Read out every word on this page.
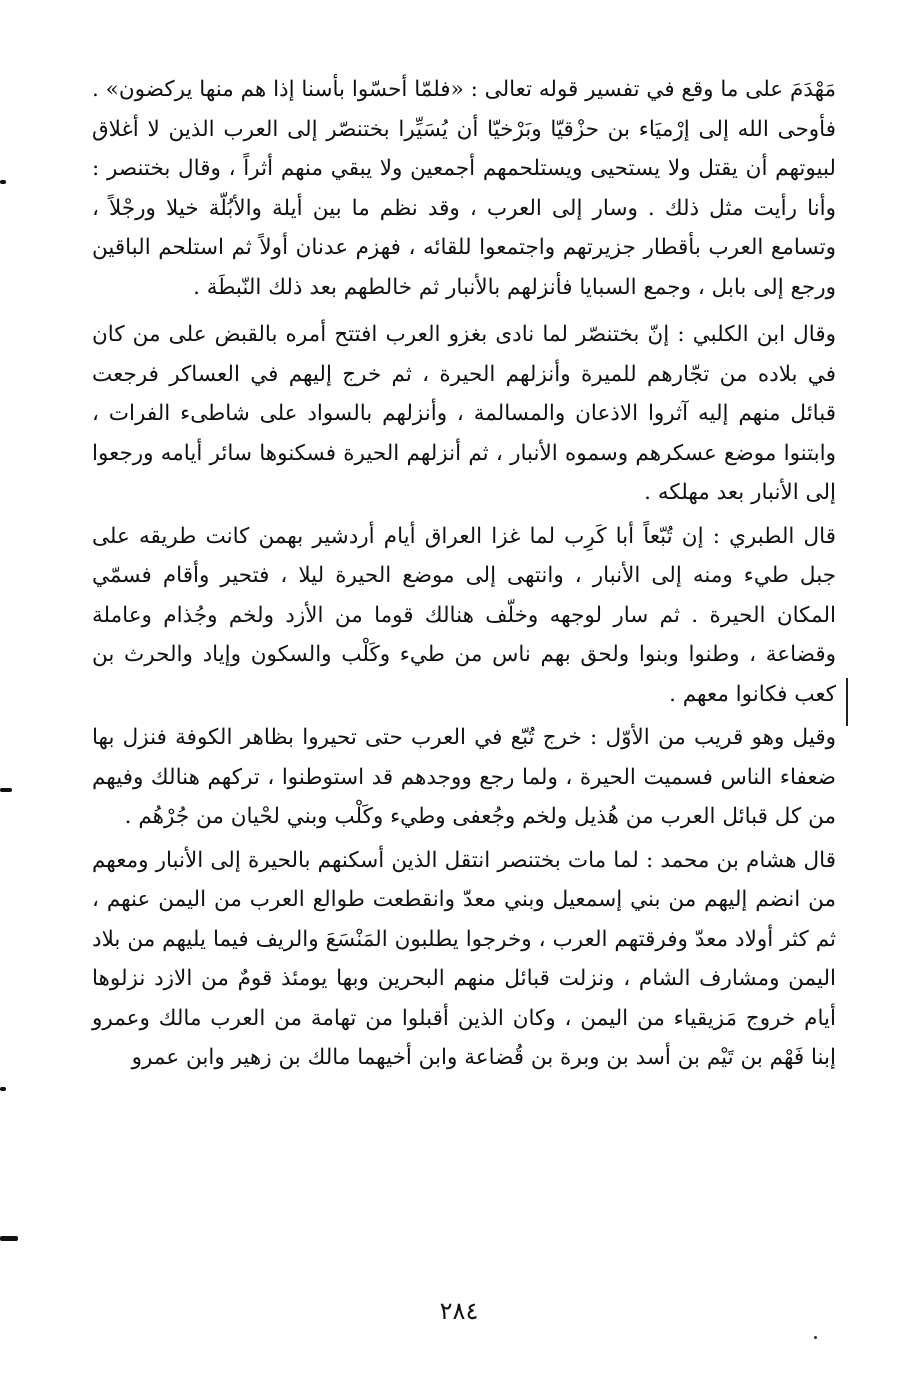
مَهْدَمَ على ما وقع في تفسير قوله تعالى : «فلمّا أحسّوا بأسنا إذا هم منها يركضون» . فأوحى الله إلى إرْميَاء بن حزْقيّا وبَرْخيّا أن يُسَيِّرا بختنصّر إلى العرب الذين لا أغلاق لبيوتهم أن يقتل ولا يستحيى ويستلحمهم أجمعين ولا يبقي منهم أثراً ، وقال بختنصر : وأنا رأيت مثل ذلك . وسار إلى العرب ، وقد نظم ما بين أيلة والأبُلّة خيلا ورجْلاً ، وتسامع العرب بأقطار جزيرتهم واجتمعوا للقائه ، فهزم عدنان أولاً ثم استلحم الباقين ورجع إلى بابل ، وجمع السبايا فأنزلهم بالأنبار ثم خالطهم بعد ذلك النّبطَة .

وقال ابن الكلبي : إنّ بختنصّر لما نادى بغزو العرب افتتح أمره بالقبض على من كان في بلاده من تجّارهم للميرة وأنزلهم الحيرة ، ثم خرج إليهم في العساكر فرجعت قبائل منهم إليه آثروا الاذعان والمسالمة ، وأنزلهم بالسواد على شاطىء الفرات ، وابتنوا موضع عسكرهم وسموه الأنبار ، ثم أنزلهم الحيرة فسكنوها سائر أيامه ورجعوا إلى الأنبار بعد مهلكه .

قال الطبري : إن تُبّعاً أبا كَرِب لما غزا العراق أيام أردشير بهمن كانت طريقه على جبل طيء ومنه إلى الأنبار ، وانتهى إلى موضع الحيرة ليلا ، فتحير وأقام فسمّي المكان الحيرة . ثم سار لوجهه وخلّف هنالك قوما من الأزد ولخم وجُذام وعاملة وقضاعة ، وطنوا وبنوا ولحق بهم ناس من طيء وكَلْب والسكون وإياد والحرث بن كعب فكانوا معهم .

وقيل وهو قريب من الأوّل : خرج تُبّع في العرب حتى تحيروا بظاهر الكوفة فنزل بها ضعفاء الناس فسميت الحيرة ، ولما رجع ووجدهم قد استوطنوا ، تركهم هنالك وفيهم من كل قبائل العرب من هُذيل ولخم وجُعفى وطيء وكَلْب وبني لحْيان من جُرْهُم .

قال هشام بن محمد : لما مات بختنصر انتقل الذين أسكنهم بالحيرة إلى الأنبار ومعهم من انضم إليهم من بني إسمعيل وبني معدّ وانقطعت طوالع العرب من اليمن عنهم ، ثم كثر أولاد معدّ وفرقتهم العرب ، وخرجوا يطلبون المَنْسَعَ والريف فيما يليهم من بلاد اليمن ومشارف الشام ، ونزلت قبائل منهم البحرين وبها يومئذ قومٌ من الازد نزلوها أيام خروج مَزيقياء من اليمن ، وكان الذين أقبلوا من تهامة من العرب مالك وعمرو إبنا فَهْم بن تَيْم بن أسد بن وبرة بن قُضاعة وابن أخيهما مالك بن زهير وابن عمرو

٢٨٤
